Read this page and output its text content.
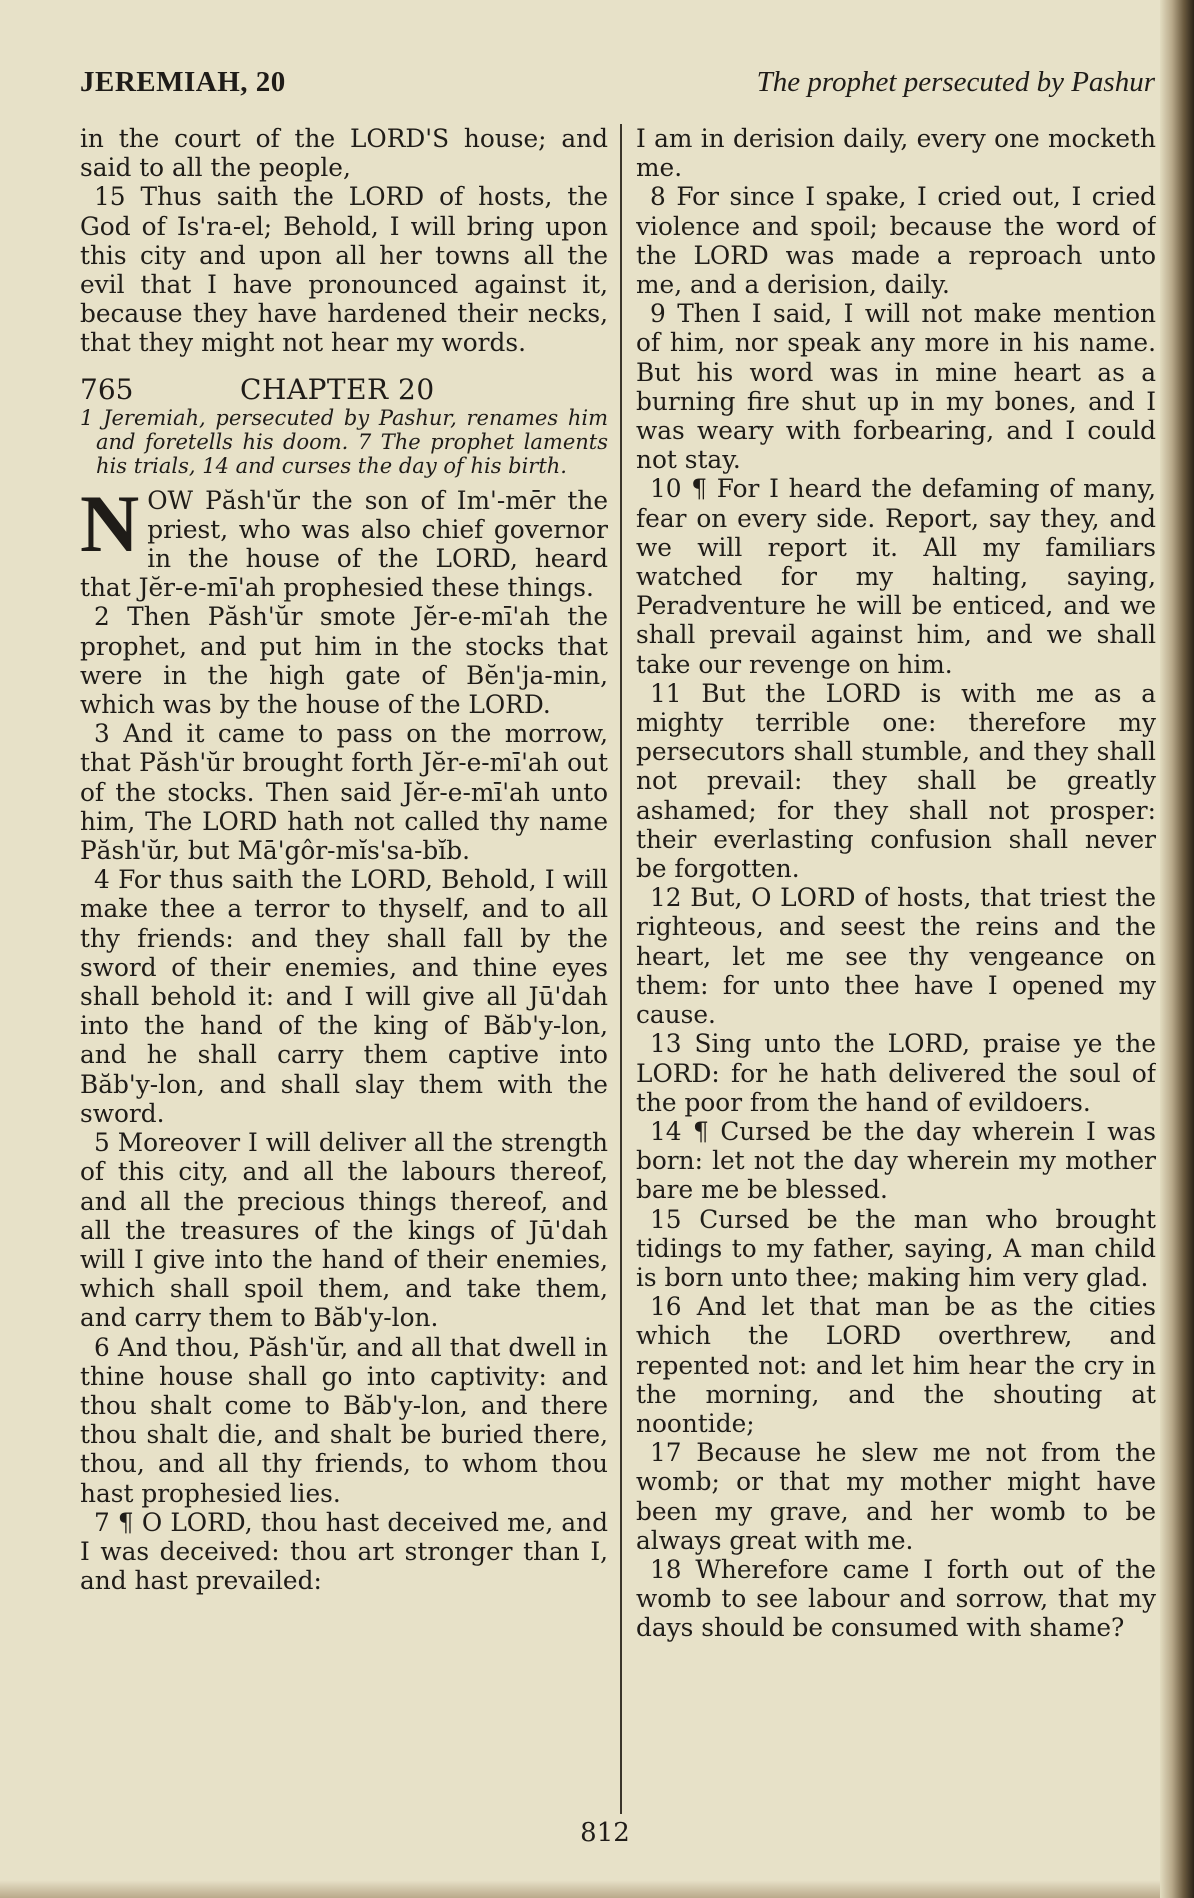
JEREMIAH, 20	The prophet persecuted by Pashur

in the court of the LORD'S house; and said to all the people,

15 Thus saith the LORD of hosts, the God of Is'ra-el; Behold, I will bring upon this city and upon all her towns all the evil that I have pronounced against it, because they have hardened their necks, that they might not hear my words.

765	CHAPTER 20

1 Jeremiah, persecuted by Pashur, renames him and foretells his doom. 7 The prophet laments his trials, 14 and curses the day of his birth.

NOW Păsh'ŭr the son of Im'-mēr the priest, who was also chief governor in the house of the LORD, heard that Jĕr-e-mī'ah prophesied these things.

2 Then Păsh'ŭr smote Jĕr-e-mī'ah the prophet, and put him in the stocks that were in the high gate of Bĕn'ja-min, which was by the house of the LORD.

3 And it came to pass on the morrow, that Păsh'ŭr brought forth Jĕr-e-mī'ah out of the stocks. Then said Jĕr-e-mī'ah unto him, The LORD hath not called thy name Păsh'ŭr, but Mā'gôr-mĭs'sa-bĭb.

4 For thus saith the LORD, Behold, I will make thee a terror to thyself, and to all thy friends: and they shall fall by the sword of their enemies, and thine eyes shall behold it: and I will give all Jū'dah into the hand of the king of Băb'y-lon, and he shall carry them captive into Băb'y-lon, and shall slay them with the sword.

5 Moreover I will deliver all the strength of this city, and all the labours thereof, and all the precious things thereof, and all the treasures of the kings of Jū'dah will I give into the hand of their enemies, which shall spoil them, and take them, and carry them to Băb'y-lon.

6 And thou, Păsh'ŭr, and all that dwell in thine house shall go into captivity: and thou shalt come to Băb'y-lon, and there thou shalt die, and shalt be buried there, thou, and all thy friends, to whom thou hast prophesied lies.

7 ¶ O LORD, thou hast deceived me, and I was deceived: thou art stronger than I, and hast prevailed:

I am in derision daily, every one mocketh me.

8 For since I spake, I cried out, I cried violence and spoil; because the word of the LORD was made a reproach unto me, and a derision, daily.

9 Then I said, I will not make mention of him, nor speak any more in his name. But his word was in mine heart as a burning fire shut up in my bones, and I was weary with forbearing, and I could not stay.

10 ¶ For I heard the defaming of many, fear on every side. Report, say they, and we will report it. All my familiars watched for my halting, saying, Peradventure he will be enticed, and we shall prevail against him, and we shall take our revenge on him.

11 But the LORD is with me as a mighty terrible one: therefore my persecutors shall stumble, and they shall not prevail: they shall be greatly ashamed; for they shall not prosper: their everlasting confusion shall never be forgotten.

12 But, O LORD of hosts, that triest the righteous, and seest the reins and the heart, let me see thy vengeance on them: for unto thee have I opened my cause.

13 Sing unto the LORD, praise ye the LORD: for he hath delivered the soul of the poor from the hand of evildoers.

14 ¶ Cursed be the day wherein I was born: let not the day wherein my mother bare me be blessed.

15 Cursed be the man who brought tidings to my father, saying, A man child is born unto thee; making him very glad.

16 And let that man be as the cities which the LORD overthrew, and repented not: and let him hear the cry in the morning, and the shouting at noontide;

17 Because he slew me not from the womb; or that my mother might have been my grave, and her womb to be always great with me.

18 Wherefore came I forth out of the womb to see labour and sorrow, that my days should be consumed with shame?

812
